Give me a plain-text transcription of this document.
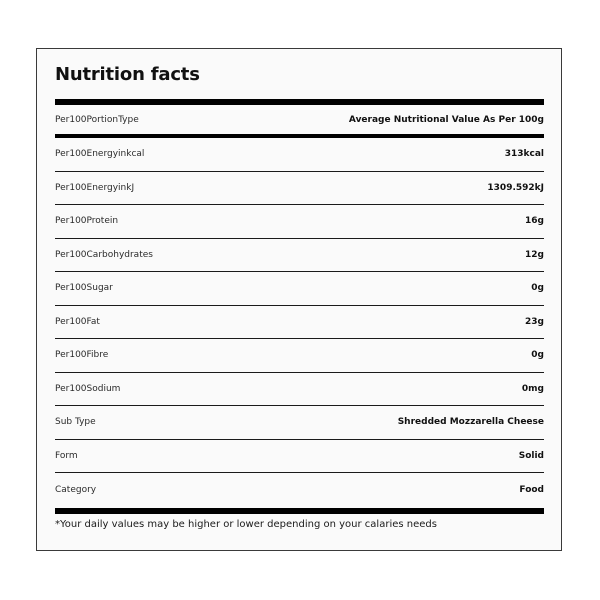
Nutrition facts
Per100PortionType	Average Nutritional Value As Per 100g
Per100Energyinkcal	313kcal
Per100EnergyinkJ	1309.592kJ
Per100Protein	16g
Per100Carbohydrates	12g
Per100Sugar	0g
Per100Fat	23g
Per100Fibre	0g
Per100Sodium	0mg
Sub Type	Shredded Mozzarella Cheese
Form	Solid
Category	Food

*Your daily values may be higher or lower depending on your calaries needs
